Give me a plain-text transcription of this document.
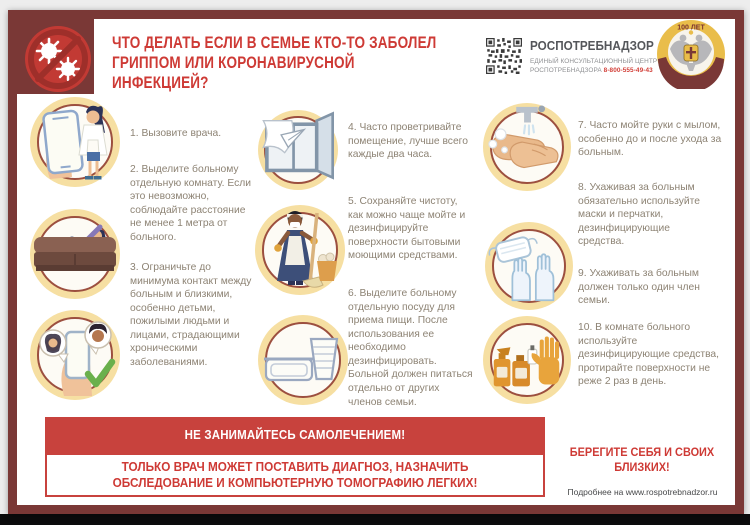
ЧТО ДЕЛАТЬ ЕСЛИ В СЕМЬЕ КТО-ТО ЗАБОЛЕЛ ГРИППОМ ИЛИ КОРОНАВИРУСНОЙ ИНФЕКЦИЕЙ?
РОСПОТРЕБНАДЗОР
ЕДИНЫЙ КОНСУЛЬТАЦИОННЫЙ ЦЕНТР
РОСПОТРЕБНАДЗОРА 8-800-555-49-43
100 ЛЕТ
1. Вызовите врача.
2. Выделите больному отдельную комнату. Если это невозможно, соблюдайте расстояние не менее 1 метра от больного.
3. Ограничьте до минимума контакт между больным и близкими, особенно детьми, пожилыми людьми и лицами, страдающими хроническими заболеваниями.
4. Часто проветривайте помещение, лучше всего каждые два часа.
5. Сохраняйте чистоту, как можно чаще мойте и дезинфицируйте поверхности бытовыми моющими средствами.
6. Выделите больному отдельную посуду для приема пищи. После использования ее необходимо дезинфицировать. Больной должен питаться отдельно от других членов семьи.
7. Часто мойте руки с мылом, особенно до и после ухода за больным.
8. Ухаживая за больным обязательно используйте маски и перчатки, дезинфицирующие средства.
9. Ухаживать за больным должен только один член семьи.
10. В комнате больного используйте дезинфицирующие средства, протирайте поверхности не реже 2 раз в день.
НЕ ЗАНИМАЙТЕСЬ САМОЛЕЧЕНИЕМ!
ТОЛЬКО ВРАЧ МОЖЕТ ПОСТАВИТЬ ДИАГНОЗ, НАЗНАЧИТЬ ОБСЛЕДОВАНИЕ И КОМПЬЮТЕРНУЮ ТОМОГРАФИЮ ЛЕГКИХ!
БЕРЕГИТЕ СЕБЯ И СВОИХ БЛИЗКИХ!
Подробнее на www.rospotrebnadzor.ru
